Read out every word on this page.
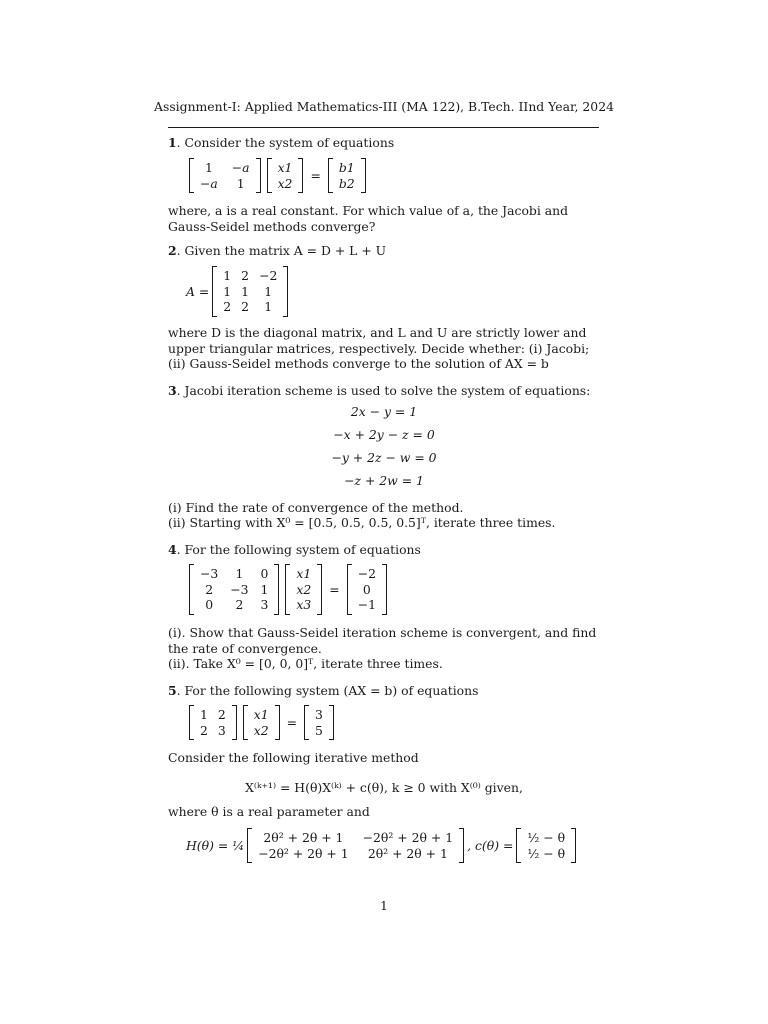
Assignment-I: Applied Mathematics-III (MA 122), B.Tech. IInd Year, 2024
1. Consider the system of equations
1	−a
−a	1
x1
x2 =
b1
b2
where, a is a real constant. For which value of a, the Jacobi and Gauss-Seidel methods converge?
2. Given the matrix A = D + L + U
A =
1 2 −2
1 1	1
2 2	1
where D is the diagonal matrix, and L and U are strictly lower and upper triangular matrices, respectively. Decide whether: (i) Jacobi; (ii) Gauss-Seidel methods converge to the solution of AX = b
3. Jacobi iteration scheme is used to solve the system of equations:
2x − y = 1
−x + 2y − z = 0
−y + 2z − w = 0
−z + 2w = 1
(i) Find the rate of convergence of the method.
(ii) Starting with X⁰ = [0.5, 0.5, 0.5, 0.5]ᵀ, iterate three times.
4. For the following system of equations
−3	1	0
2	−3 1
0	2	3
x1
x2
x3
=
−2
0
−1
(i). Show that Gauss-Seidel iteration scheme is convergent, and find the rate of convergence.
(ii). Take X⁰ = [0, 0, 0]ᵀ, iterate three times.
5. For the following system (AX = b) of equations
1 2
2 3
x1
x2 =
3
5
Consider the following iterative method
X⁽ᵏ⁺¹⁾ = H(θ)X⁽ᵏ⁾ + c(θ), k ≥ 0 with X⁽⁰⁾ given,
where θ is a real parameter and
H(θ) = ¼
2θ² + 2θ + 1	−2θ² + 2θ + 1
−2θ² + 2θ + 1	2θ² + 2θ + 1	, c(θ) =
½ − θ
½ − θ
1
